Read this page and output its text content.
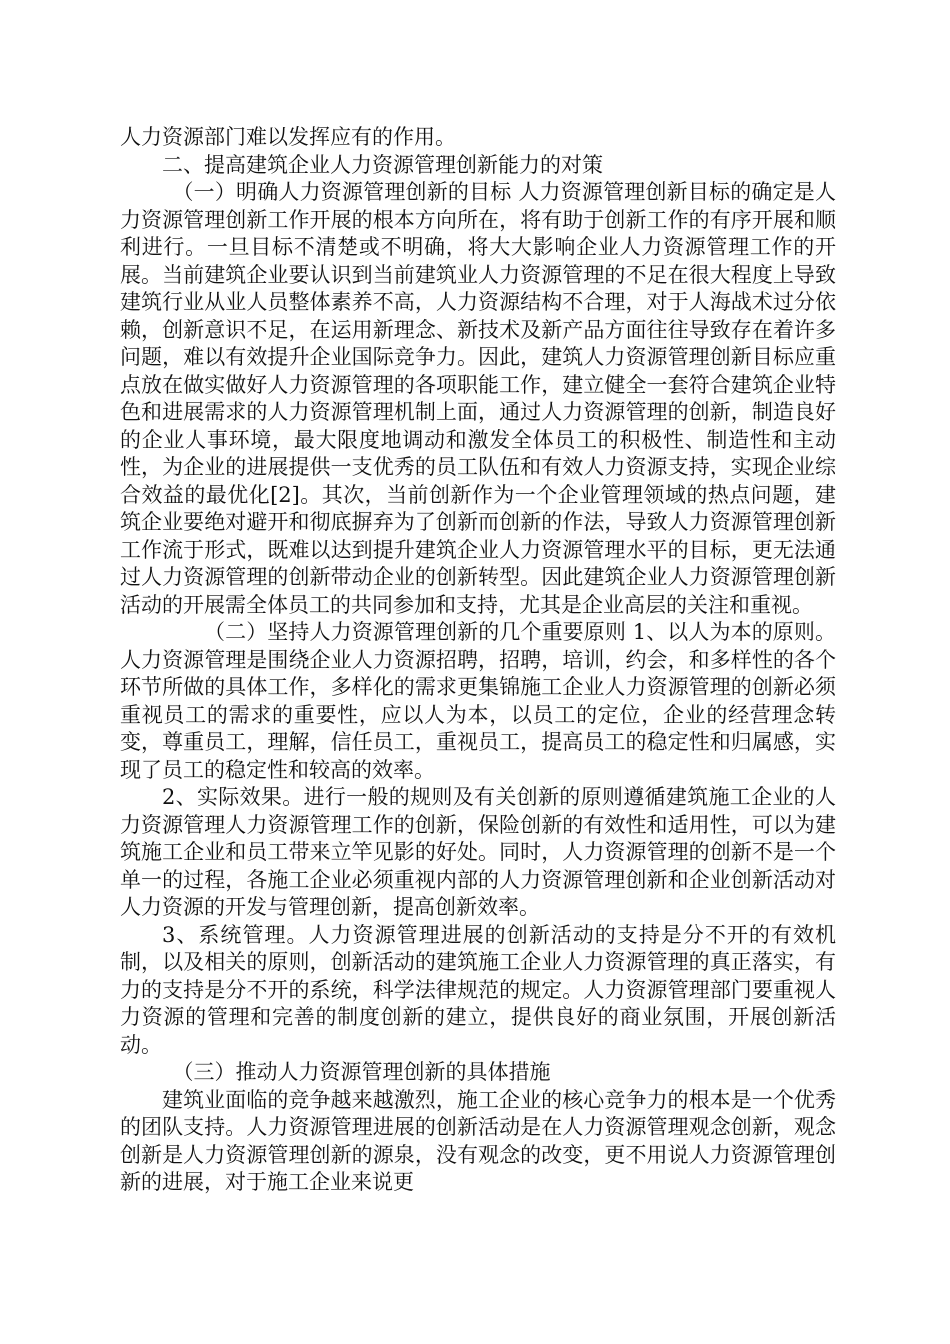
人力资源部门难以发挥应有的作用。

二、提高建筑企业人力资源管理创新能力的对策

（一）明确人力资源管理创新的目标 人力资源管理创新目标的确定是人力资源管理创新工作开展的根本方向所在，将有助于创新工作的有序开展和顺利进行。一旦目标不清楚或不明确，将大大影响企业人力资源管理工作的开展。当前建筑企业要认识到当前建筑业人力资源管理的不足在很大程度上导致建筑行业从业人员整体素养不高，人力资源结构不合理，对于人海战术过分依赖，创新意识不足，在运用新理念、新技术及新产品方面往往导致存在着许多问题，难以有效提升企业国际竞争力。因此，建筑人力资源管理创新目标应重点放在做实做好人力资源管理的各项职能工作，建立健全一套符合建筑企业特色和进展需求的人力资源管理机制上面，通过人力资源管理的创新，制造良好的企业人事环境，最大限度地调动和激发全体员工的积极性、制造性和主动性，为企业的进展提供一支优秀的员工队伍和有效人力资源支持，实现企业综合效益的最优化[2]。其次，当前创新作为一个企业管理领域的热点问题，建筑企业要绝对避开和彻底摒弃为了创新而创新的作法，导致人力资源管理创新工作流于形式，既难以达到提升建筑企业人力资源管理水平的目标，更无法通过人力资源管理的创新带动企业的创新转型。因此建筑企业人力资源管理创新活动的开展需全体员工的共同参加和支持，尤其是企业高层的关注和重视。

（二）坚持人力资源管理创新的几个重要原则 1、以人为本的原则。人力资源管理是围绕企业人力资源招聘，招聘，培训，约会，和多样性的各个环节所做的具体工作，多样化的需求更集锦施工企业人力资源管理的创新必须重视员工的需求的重要性，应以人为本，以员工的定位，企业的经营理念转变，尊重员工，理解，信任员工，重视员工，提高员工的稳定性和归属感，实现了员工的稳定性和较高的效率。

2、实际效果。进行一般的规则及有关创新的原则遵循建筑施工企业的人力资源管理人力资源管理工作的创新，保险创新的有效性和适用性，可以为建筑施工企业和员工带来立竿见影的好处。同时，人力资源管理的创新不是一个单一的过程，各施工企业必须重视内部的人力资源管理创新和企业创新活动对人力资源的开发与管理创新，提高创新效率。

3、系统管理。人力资源管理进展的创新活动的支持是分不开的有效机制，以及相关的原则，创新活动的建筑施工企业人力资源管理的真正落实，有力的支持是分不开的系统，科学法律规范的规定。人力资源管理部门要重视人力资源的管理和完善的制度创新的建立，提供良好的商业氛围，开展创新活动。

（三）推动人力资源管理创新的具体措施

建筑业面临的竞争越来越激烈，施工企业的核心竞争力的根本是一个优秀的团队支持。人力资源管理进展的创新活动是在人力资源管理观念创新，观念创新是人力资源管理创新的源泉，没有观念的改变，更不用说人力资源管理创新的进展，对于施工企业来说更
